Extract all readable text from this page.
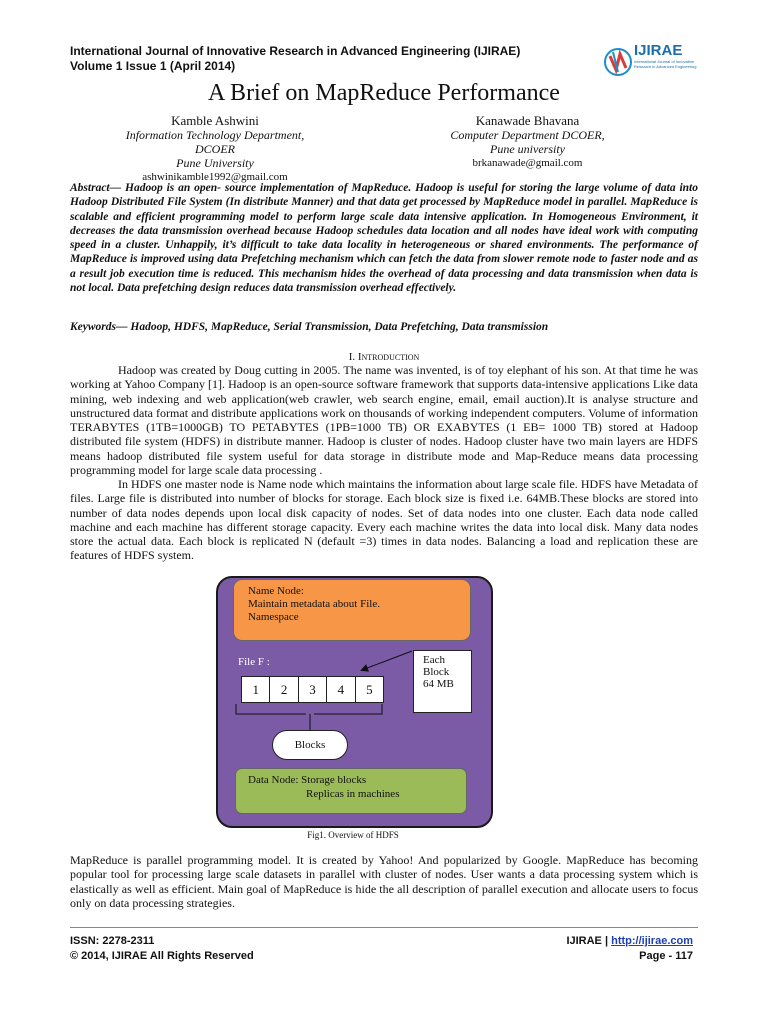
International Journal of Innovative Research in Advanced Engineering (IJIRAE)
Volume 1 Issue 1 (April 2014)
IJIRAE
International Journal of Innovative Research in Advanced Engineering
A Brief on MapReduce Performance
Kamble Ashwini
Information Technology Department, DCOER
Pune University
ashwinikamble1992@gmail.com
Kanawade Bhavana
Computer Department DCOER,
Pune university
brkanawade@gmail.com

Abstract— Hadoop is an open- source implementation of MapReduce. Hadoop is useful for storing the large volume of data into Hadoop Distributed File System (In distribute Manner) and that data get processed by MapReduce model in parallel. MapReduce is scalable and efficient programming model to perform large scale data intensive application. In Homogeneous Environment, it decreases the data transmission overhead because Hadoop schedules data location and all nodes have ideal work with computing speed in a cluster. Unhappily, it’s difficult to take data locality in heterogeneous or shared environments. The performance of MapReduce is improved using data Prefetching mechanism which can fetch the data from slower remote node to faster node and as a result job execution time is reduced. This mechanism hides the overhead of data processing and data transmission when data is not local. Data prefetching design reduces data transmission overhead effectively.

Keywords— Hadoop, HDFS, MapReduce, Serial Transmission, Data Prefetching, Data transmission

I. Introduction

Hadoop was created by Doug cutting in 2005. The name was invented, is of toy elephant of his son. At that time he was working at Yahoo Company [1]. Hadoop is an open-source software framework that supports data-intensive applications Like data mining, web indexing and web application(web crawler, web search engine, email, email auction).It is analyse structure and unstructured data format and distribute applications work on thousands of working independent computers. Volume of information TERABYTES (1TB=1000GB) TO PETABYTES (1PB=1000 TB) OR EXABYTES (1 EB= 1000 TB) stored at Hadoop distributed file system (HDFS) in distribute manner. Hadoop is cluster of nodes. Hadoop cluster have two main layers are HDFS means hadoop distributed file system useful for data storage in distribute mode and Map-Reduce means data processing programming model for large scale data processing .

In HDFS one master node is Name node which maintains the information about large scale file. HDFS have Metadata of files. Large file is distributed into number of blocks for storage. Each block size is fixed i.e. 64MB.These blocks are stored into number of data nodes depends upon local disk capacity of nodes. Set of data nodes into one cluster. Each data node called machine and each machine has different storage capacity. Every each machine writes the data into local disk. Many data nodes store the actual data. Each block is replicated N (default =3) times in data nodes. Balancing a load and replication these are features of HDFS system.

Name Node:
Maintain metadata about File.
Namespace
File F :
1	2	3	4	5
Each
Block
64 MB
Blocks
Data Node: Storage blocks
Replicas in machines
Fig1. Overview of HDFS

MapReduce is parallel programming model. It is created by Yahoo! And popularized by Google. MapReduce has becoming popular tool for processing large scale datasets in parallel with cluster of nodes. User wants a data processing system which is elastically as well as efficient. Main goal of MapReduce is hide the all description of parallel execution and allocate users to focus only on data processing strategies.

ISSN: 2278-2311
© 2014, IJIRAE All Rights Reserved
IJIRAE | http://ijirae.com
Page - 117
